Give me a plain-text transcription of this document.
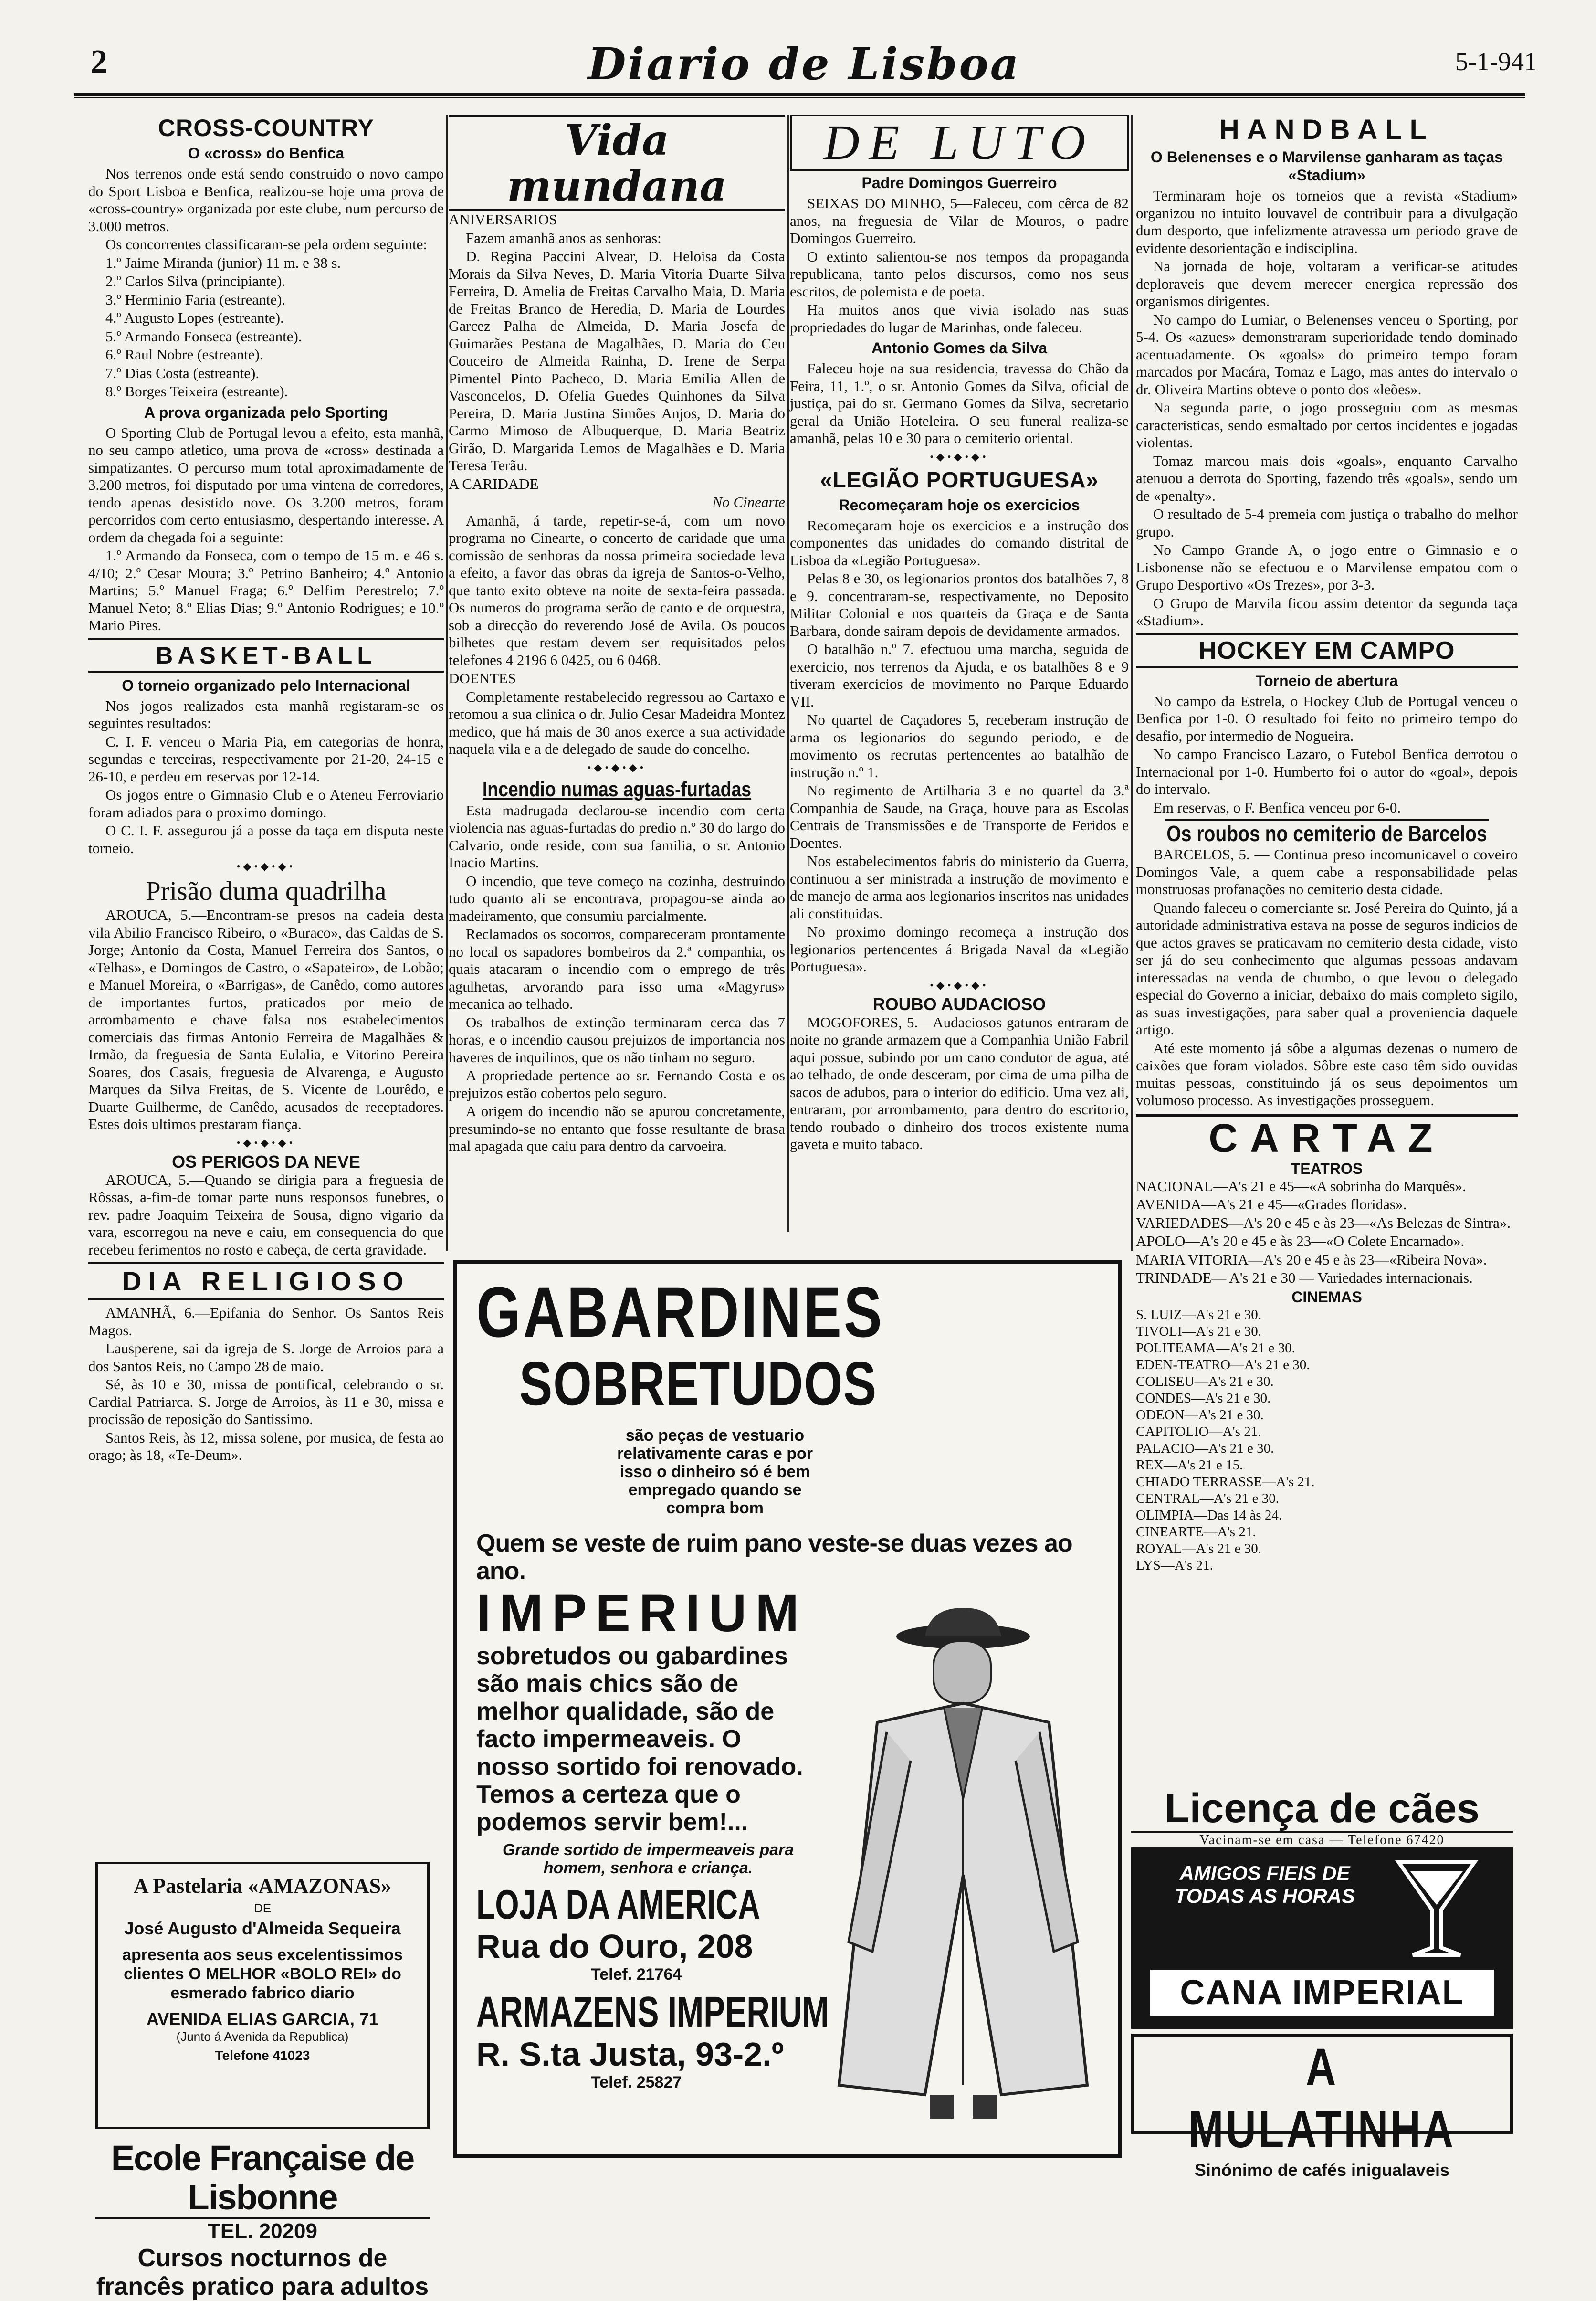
2	Diario de Lisboa	5-1-941
CROSS-COUNTRY
O «cross» do Benfica

Nos terrenos onde está sendo construido o novo campo do Sport Lisboa e Benfica, realizou-se hoje uma prova de «cross-country» organizada por este clube, num percurso de 3.000 metros.

Os concorrentes classificaram-se pela ordem seguinte:

1.º Jaime Miranda (junior) 11 m. e 38 s.

2.º Carlos Silva (principiante).

3.º Herminio Faria (estreante).

4.º Augusto Lopes (estreante).

5.º Armando Fonseca (estreante).

6.º Raul Nobre (estreante).

7.º Dias Costa (estreante).

8.º Borges Teixeira (estreante).

A prova organizada pelo Sporting

O Sporting Club de Portugal levou a efeito, esta manhã, no seu campo atletico, uma prova de «cross» destinada a simpatizantes. O percurso mum total aproximadamente de 3.200 metros, foi disputado por uma vintena de corredores, tendo apenas desistido nove. Os 3.200 metros, foram percorridos com certo entusiasmo, despertando interesse. A ordem da chegada foi a seguinte:

1.º Armando da Fonseca, com o tempo de 15 m. e 46 s. 4/10; 2.º Cesar Moura; 3.º Petrino Banheiro; 4.º Antonio Martins; 5.º Manuel Fraga; 6.º Delfim Perestrelo; 7.º Manuel Neto; 8.º Elias Dias; 9.º Antonio Rodrigues; e 10.º Mario Pires.

BASKET-BALL
O torneio organizado pelo Internacional

Nos jogos realizados esta manhã registaram-se os seguintes resultados:

C. I. F. venceu o Maria Pia, em categorias de honra, segundas e terceiras, respectivamente por 21-20, 24-15 e 26-10, e perdeu em reservas por 12-14.

Os jogos entre o Gimnasio Club e o Ateneu Ferroviario foram adiados para o proximo domingo.

O C. I. F. assegurou já a posse da taça em disputa neste torneio.

•◆•◆•◆•
Prisão duma quadrilha

AROUCA, 5.—Encontram-se presos na cadeia desta vila Abilio Francisco Ribeiro, o «Buraco», das Caldas de S. Jorge; Antonio da Costa, Manuel Ferreira dos Santos, o «Telhas», e Domingos de Castro, o «Sapateiro», de Lobão; e Manuel Moreira, o «Barrigas», de Canêdo, como autores de importantes furtos, praticados por meio de arrombamento e chave falsa nos estabelecimentos comerciais das firmas Antonio Ferreira de Magalhães & Irmão, da freguesia de Santa Eulalia, e Vitorino Pereira Soares, dos Casais, freguesia de Alvarenga, e Augusto Marques da Silva Freitas, de S. Vicente de Lourêdo, e Duarte Guilherme, de Canêdo, acusados de receptadores. Estes dois ultimos prestaram fiança.

•◆•◆•◆•
OS PERIGOS DA NEVE

AROUCA, 5.—Quando se dirigia para a freguesia de Rôssas, a-fim-de tomar parte nuns responsos funebres, o rev. padre Joaquim Teixeira de Sousa, digno vigario da vara, escorregou na neve e caiu, em consequencia do que recebeu ferimentos no rosto e cabeça, de certa gravidade.

DIA RELIGIOSO

AMANHÃ, 6.—Epifania do Senhor. Os Santos Reis Magos.

Lausperene, sai da igreja de S. Jorge de Arroios para a dos Santos Reis, no Campo 28 de maio.

Sé, às 10 e 30, missa de pontifical, celebrando o sr. Cardial Patriarca. S. Jorge de Arroios, às 11 e 30, missa e procissão de reposição do Santissimo.

Santos Reis, às 12, missa solene, por musica, de festa ao orago; às 18, «Te-Deum».

Vida mundana

ANIVERSARIOS

Fazem amanhã anos as senhoras:

D. Regina Paccini Alvear, D. Heloisa da Costa Morais da Silva Neves, D. Maria Vitoria Duarte Silva Ferreira, D. Amelia de Freitas Carvalho Maia, D. Maria de Freitas Branco de Heredia, D. Maria de Lourdes Garcez Palha de Almeida, D. Maria Josefa de Guimarães Pestana de Magalhães, D. Maria do Ceu Couceiro de Almeida Rainha, D. Irene de Serpa Pimentel Pinto Pacheco, D. Maria Emilia Allen de Vasconcelos, D. Ofelia Guedes Quinhones da Silva Pereira, D. Maria Justina Simões Anjos, D. Maria do Carmo Mimoso de Albuquerque, D. Maria Beatriz Girão, D. Margarida Lemos de Magalhães e D. Maria Teresa Terãu.

A CARIDADE

No Cinearte

Amanhã, á tarde, repetir-se-á, com um novo programa no Cinearte, o concerto de caridade que uma comissão de senhoras da nossa primeira sociedade leva a efeito, a favor das obras da igreja de Santos-o-Velho, que tanto exito obteve na noite de sexta-feira passada. Os numeros do programa serão de canto e de orquestra, sob a direcção do reverendo José de Avila. Os poucos bilhetes que restam devem ser requisitados pelos telefones 4 2196 6 0425, ou 6 0468.

DOENTES

Completamente restabelecido regressou ao Cartaxo e retomou a sua clinica o dr. Julio Cesar Madeidra Montez medico, que há mais de 30 anos exerce a sua actividade naquela vila e a de delegado de saude do concelho.

•◆•◆•◆•
Incendio numas aguas-furtadas

Esta madrugada declarou-se incendio com certa violencia nas aguas-furtadas do predio n.º 30 do largo do Calvario, onde reside, com sua familia, o sr. Antonio Inacio Martins.

O incendio, que teve começo na cozinha, destruindo tudo quanto ali se encontrava, propagou-se ainda ao madeiramento, que consumiu parcialmente.

Reclamados os socorros, compareceram prontamente no local os sapadores bombeiros da 2.ª companhia, os quais atacaram o incendio com o emprego de três agulhetas, arvorando para isso uma «Magyrus» mecanica ao telhado.

Os trabalhos de extinção terminaram cerca das 7 horas, e o incendio causou prejuizos de importancia nos haveres de inquilinos, que os não tinham no seguro.

A propriedade pertence ao sr. Fernando Costa e os prejuizos estão cobertos pelo seguro.

A origem do incendio não se apurou concretamente, presumindo-se no entanto que fosse resultante de brasa mal apagada que caiu para dentro da carvoeira.

DE LUTO
Padre Domingos Guerreiro

SEIXAS DO MINHO, 5—Faleceu, com cêrca de 82 anos, na freguesia de Vilar de Mouros, o padre Domingos Guerreiro.

O extinto salientou-se nos tempos da propaganda republicana, tanto pelos discursos, como nos seus escritos, de polemista e de poeta.

Ha muitos anos que vivia isolado nas suas propriedades do lugar de Marinhas, onde faleceu.

Antonio Gomes da Silva

Faleceu hoje na sua residencia, travessa do Chão da Feira, 11, 1.º, o sr. Antonio Gomes da Silva, oficial de justiça, pai do sr. Germano Gomes da Silva, secretario geral da União Hoteleira. O seu funeral realiza-se amanhã, pelas 10 e 30 para o cemiterio oriental.

•◆•◆•◆•
«LEGIÃO PORTUGUESA»
Recomeçaram hoje os exercicios

Recomeçaram hoje os exercicios e a instrução dos componentes das unidades do comando distrital de Lisboa da «Legião Portuguesa».

Pelas 8 e 30, os legionarios prontos dos batalhões 7, 8 e 9. concentraram-se, respectivamente, no Deposito Militar Colonial e nos quarteis da Graça e de Santa Barbara, donde sairam depois de devidamente armados.

O batalhão n.º 7. efectuou uma marcha, seguida de exercicio, nos terrenos da Ajuda, e os batalhões 8 e 9 tiveram exercicios de movimento no Parque Eduardo VII.

No quartel de Caçadores 5, receberam instrução de arma os legionarios do segundo periodo, e de movimento os recrutas pertencentes ao batalhão de instrução n.º 1.

No regimento de Artilharia 3 e no quartel da 3.ª Companhia de Saude, na Graça, houve para as Escolas Centrais de Transmissões e de Transporte de Feridos e Doentes.

Nos estabelecimentos fabris do ministerio da Guerra, continuou a ser ministrada a instrução de movimento e de manejo de arma aos legionarios inscritos nas unidades ali constituidas.

No proximo domingo recomeça a instrução dos legionarios pertencentes á Brigada Naval da «Legião Portuguesa».

•◆•◆•◆•
ROUBO AUDACIOSO

MOGOFORES, 5.—Audaciosos gatunos entraram de noite no grande armazem que a Companhia União Fabril aqui possue, subindo por um cano condutor de agua, até ao telhado, de onde desceram, por cima de uma pilha de sacos de adubos, para o interior do edificio. Uma vez ali, entraram, por arrombamento, para dentro do escritorio, tendo roubado o dinheiro dos trocos existente numa gaveta e muito tabaco.

HANDBALL
O Belenenses e o Marvilense ganharam as taças «Stadium»

Terminaram hoje os torneios que a revista «Stadium» organizou no intuito louvavel de contribuir para a divulgação dum desporto, que infelizmente atravessa um periodo grave de evidente desorientação e indisciplina.

Na jornada de hoje, voltaram a verificar-se atitudes deploraveis que devem merecer energica repressão dos organismos dirigentes.

No campo do Lumiar, o Belenenses venceu o Sporting, por 5-4. Os «azues» demonstraram superioridade tendo dominado acentuadamente. Os «goals» do primeiro tempo foram marcados por Macára, Tomaz e Lago, mas antes do intervalo o dr. Oliveira Martins obteve o ponto dos «leões».

Na segunda parte, o jogo prosseguiu com as mesmas caracteristicas, sendo esmaltado por certos incidentes e jogadas violentas.

Tomaz marcou mais dois «goals», enquanto Carvalho atenuou a derrota do Sporting, fazendo três «goals», sendo um de «penalty».

O resultado de 5-4 premeia com justiça o trabalho do melhor grupo.

No Campo Grande A, o jogo entre o Gimnasio e o Lisbonense não se efectuou e o Marvilense empatou com o Grupo Desportivo «Os Trezes», por 3-3.

O Grupo de Marvila ficou assim detentor da segunda taça «Stadium».

HOCKEY EM CAMPO
Torneio de abertura

No campo da Estrela, o Hockey Club de Portugal venceu o Benfica por 1-0. O resultado foi feito no primeiro tempo do desafio, por intermedio de Nogueira.

No campo Francisco Lazaro, o Futebol Benfica derrotou o Internacional por 1-0. Humberto foi o autor do «goal», depois do intervalo.

Em reservas, o F. Benfica venceu por 6-0.

Os roubos no cemiterio de Barcelos

BARCELOS, 5. — Continua preso incomunicavel o coveiro Domingos Vale, a quem cabe a responsabilidade pelas monstruosas profanações no cemiterio desta cidade.

Quando faleceu o comerciante sr. José Pereira do Quinto, já a autoridade administrativa estava na posse de seguros indicios de que actos graves se praticavam no cemiterio desta cidade, visto ser já do seu conhecimento que algumas pessoas andavam interessadas na venda de chumbo, o que levou o delegado especial do Governo a iniciar, debaixo do mais completo sigilo, as suas investigações, para saber qual a proveniencia daquele artigo.

Até este momento já sôbe a algumas dezenas o numero de caixões que foram violados. Sôbre este caso têm sido ouvidas muitas pessoas, constituindo já os seus depoimentos um volumoso processo. As investigações prosseguem.

CARTAZ
TEATROS

NACIONAL—A's 21 e 45—«A sobrinha do Marquês».

AVENIDA—A's 21 e 45—«Grades floridas».

VARIEDADES—A's 20 e 45 e às 23—«As Belezas de Sintra».

APOLO—A's 20 e 45 e às 23—«O Colete Encarnado».

MARIA VITORIA—A's 20 e 45 e às 23—«Ribeira Nova».

TRINDADE— A's 21 e 30 — Variedades internacionais.

CINEMAS

S. LUIZ—A's 21 e 30.

TIVOLI—A's 21 e 30.

POLITEAMA—A's 21 e 30.

EDEN-TEATRO—A's 21 e 30.

COLISEU—A's 21 e 30.

CONDES—A's 21 e 30.

ODEON—A's 21 e 30.

CAPITOLIO—A's 21.

PALACIO—A's 21 e 30.

REX—A's 21 e 15.

CHIADO TERRASSE—A's 21.

CENTRAL—A's 21 e 30.

OLIMPIA—Das 14 às 24.

CINEARTE—A's 21.

ROYAL—A's 21 e 30.

LYS—A's 21.

A Pastelaria «AMAZONAS»
DE
José Augusto d'Almeida Sequeira
apresenta aos seus excelentissimos clientes O MELHOR «BOLO REI» do esmerado fabrico diario
AVENIDA ELIAS GARCIA, 71
(Junto á Avenida da Republica)
Telefone 41023
Ecole Française de Lisbonne
TEL. 20209
Cursos nocturnos de francês pratico para adultos
GABARDINES
SOBRETUDOS
são peças de vestuario relativamente caras e por isso o dinheiro só é bem empregado quando se compra bom
Quem se veste de ruim pano veste-se duas vezes ao ano.
IMPERIUM
sobretudos ou gabardines são mais chics são de melhor qualidade, são de facto impermeaveis. O nosso sortido foi renovado. Temos a certeza que o podemos servir bem!...
Grande sortido de impermeaveis para homem, senhora e criança.
LOJA DA AMERICA
Rua do Ouro, 208
Telef. 21764
ARMAZENS IMPERIUM
R. S.ta Justa, 93-2.º
Telef. 25827
Licença de cães
Vacinam-se em casa — Telefone 67420
AMIGOS FIEIS DE TODAS AS HORAS
CANA IMPERIAL
A MULATINHA
Sinónimo de cafés inigualaveis
